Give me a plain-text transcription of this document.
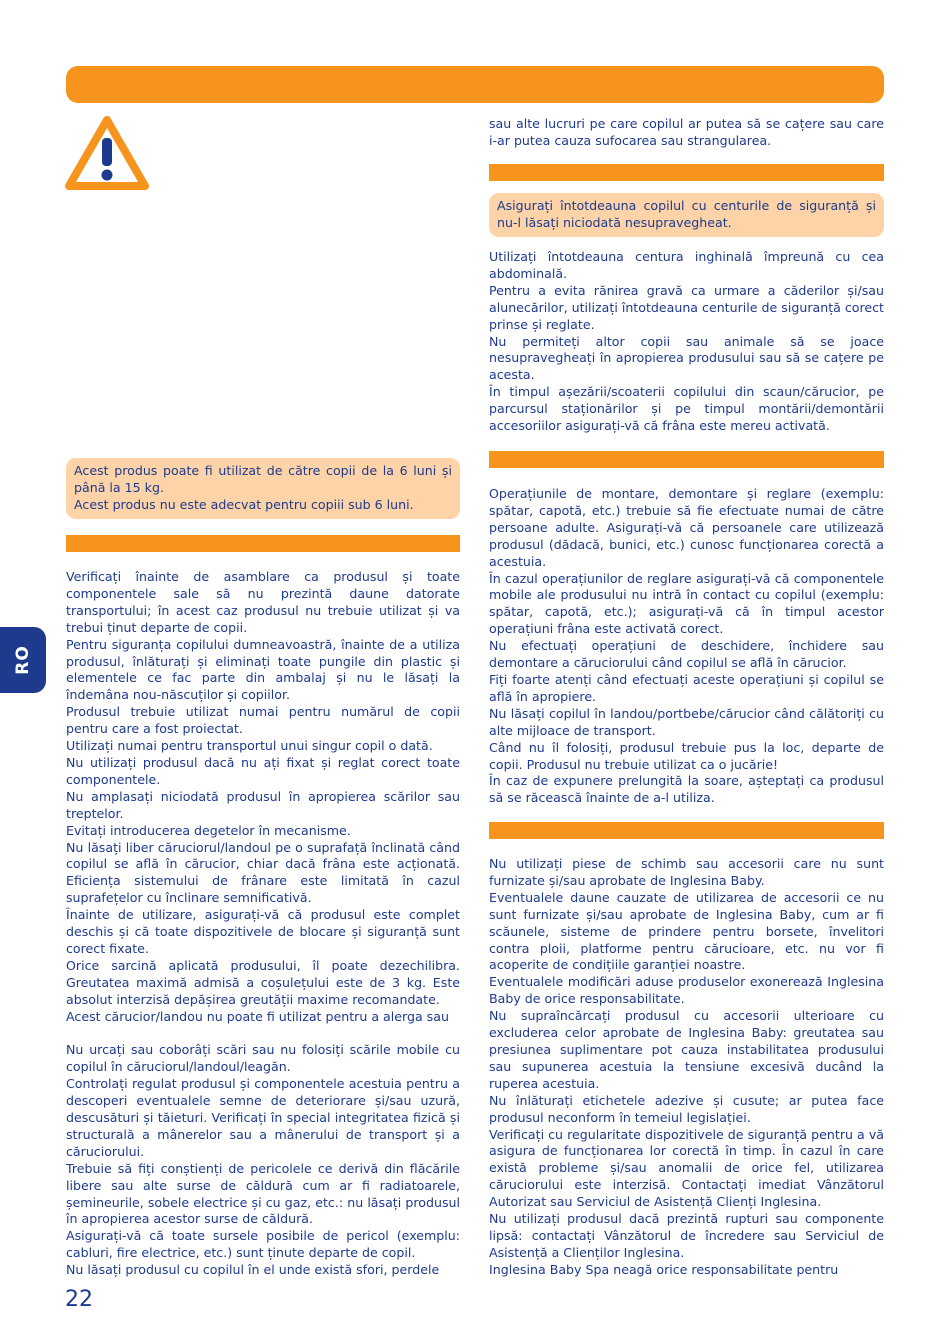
RO

Acest produs poate fi utilizat de către copii de la 6 luni și până la 15 kg.

Acest produs nu este adecvat pentru copiii sub 6 luni.

Verificați înainte de asamblare ca produsul și toate componentele sale să nu prezintă daune datorate transportului; în acest caz produsul nu trebuie utilizat și va trebui ținut departe de copii.

Pentru siguranța copilului dumneavoastră, înainte de a utiliza produsul, înlăturați și eliminați toate pungile din plastic și elementele ce fac parte din ambalaj și nu le lăsați la îndemâna nou-născuților și copiilor.

Produsul trebuie utilizat numai pentru numărul de copii pentru care a fost proiectat.

Utilizați numai pentru transportul unui singur copil o dată.

Nu utilizați produsul dacă nu ați fixat și reglat corect toate componentele.

Nu amplasați niciodată produsul în apropierea scărilor sau treptelor.

Evitați introducerea degetelor în mecanisme.

Nu lăsați liber căruciorul/landoul pe o suprafață înclinată când copilul se află în cărucior, chiar dacă frâna este acționată. Eficiența sistemului de frânare este limitată în cazul suprafețelor cu înclinare semnificativă.

Înainte de utilizare, asigurați-vă că produsul este complet deschis și că toate dispozitivele de blocare și siguranță sunt corect fixate.

Orice sarcină aplicată produsului, îl poate dezechilibra. Greutatea maximă admisă a coșulețului este de 3 kg. Este absolut interzisă depășirea greutății maxime recomandate.

Acest cărucior/landou nu poate fi utilizat pentru a alerga sau

Nu urcați sau coborâți scări sau nu folosiți scările mobile cu copilul în căruciorul/landoul/leagăn.

Controlați regulat produsul și componentele acestuia pentru a descoperi eventualele semne de deteriorare și/sau uzură, descusături și tăieturi. Verificați în special integritatea fizică și structurală a mânerelor sau a mânerului de transport și a căruciorului.

Trebuie să fiți conștienți de pericolele ce derivă din flăcările libere sau alte surse de căldură cum ar fi radiatoarele, șemineurile, sobele electrice și cu gaz, etc.: nu lăsați produsul în apropierea acestor surse de căldură.

Asigurați-vă că toate sursele posibile de pericol (exemplu: cabluri, fire electrice, etc.) sunt ținute departe de copil.

Nu lăsați produsul cu copilul în el unde există sfori, perdele

sau alte lucruri pe care copilul ar putea să se cațere sau care i-ar putea cauza sufocarea sau strangularea.

Asigurați întotdeauna copilul cu centurile de siguranță și nu-l lăsați niciodată nesupravegheat.

Utilizați întotdeauna centura inghinală împreună cu cea abdominală.

Pentru a evita rănirea gravă ca urmare a căderilor și/sau alunecărilor, utilizați întotdeauna centurile de siguranță corect prinse și reglate.

Nu permiteți altor copii sau animale să se joace nesupravegheați în apropierea produsului sau să se cațere pe acesta.

În timpul așezării/scoaterii copilului din scaun/cărucior, pe parcursul staționărilor și pe timpul montării/demontării accesoriilor asigurați-vă că frâna este mereu activată.

Operațiunile de montare, demontare și reglare (exemplu: spătar, capotă, etc.) trebuie să fie efectuate numai de către persoane adulte. Asigurați-vă că persoanele care utilizează produsul (dădacă, bunici, etc.) cunosc funcționarea corectă a acestuia.

În cazul operațiunilor de reglare asigurați-vă că componentele mobile ale produsului nu intră în contact cu copilul (exemplu: spătar, capotă, etc.); asigurați-vă că în timpul acestor operațiuni frâna este activată corect.

Nu efectuați operațiuni de deschidere, închidere sau demontare a căruciorului când copilul se află în cărucior.

Fiți foarte atenți când efectuați aceste operațiuni și copilul se află în apropiere.

Nu lăsați copilul în landou/portbebe/cărucior când călătoriți cu alte mijloace de transport.

Când nu îl folosiți, produsul trebuie pus la loc, departe de copii. Produsul nu trebuie utilizat ca o jucărie!

În caz de expunere prelungită la soare, așteptați ca produsul să se răcească înainte de a-l utiliza.

Nu utilizați piese de schimb sau accesorii care nu sunt furnizate și/sau aprobate de Inglesina Baby.

Eventualele daune cauzate de utilizarea de accesorii ce nu sunt furnizate și/sau aprobate de Inglesina Baby, cum ar fi scăunele, sisteme de prindere pentru borsete, învelitori contra ploii, platforme pentru cărucioare, etc. nu vor fi acoperite de condițiile garanției noastre.

Eventualele modificări aduse produselor exonerează Inglesina Baby de orice responsabilitate.

Nu supraîncărcați produsul cu accesorii ulterioare cu excluderea celor aprobate de Inglesina Baby: greutatea sau presiunea suplimentare pot cauza instabilitatea produsului sau supunerea acestuia la tensiune excesivă ducând la ruperea acestuia.

Nu înlăturați etichetele adezive și cusute; ar putea face produsul neconform în temeiul legislației.

Verificați cu regularitate dispozitivele de siguranță pentru a vă asigura de funcționarea lor corectă în timp. În cazul în care există probleme și/sau anomalii de orice fel, utilizarea căruciorului este interzisă. Contactați imediat Vânzătorul Autorizat sau Serviciul de Asistență Clienți Inglesina.

Nu utilizați produsul dacă prezintă rupturi sau componente lipsă: contactați Vânzătorul de încredere sau Serviciul de Asistență a Clienților Inglesina.

Inglesina Baby Spa neagă orice responsabilitate pentru

22
